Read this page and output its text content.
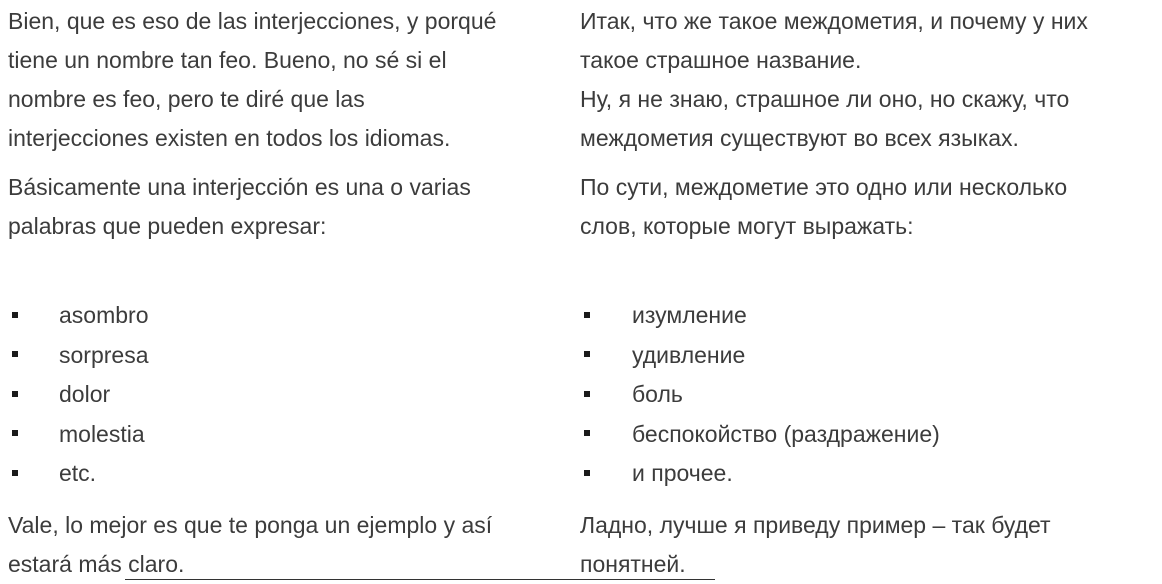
Bien, que es eso de las interjecciones, y porqué
tiene un nombre tan feo. Bueno, no sé si el
nombre es feo, pero te diré que las
interjecciones existen en todos los idiomas.
Básicamente una interjección es una o varias
palabras que pueden expresar:
asombro
sorpresa
dolor
molestia
etc.
Vale, lo mejor es que te ponga un ejemplo y así
estará más claro.
Итак, что же такое междометия, и почему у них
такое страшное название.
Ну, я не знаю, страшное ли оно, но скажу, что
междометия существуют во всех языках.
По сути, междометие это одно или несколько
слов, которые могут выражать:
изумление
удивление
боль
беспокойство (раздражение)
и прочее.
Ладно, лучше я приведу пример – так будет
понятней.
